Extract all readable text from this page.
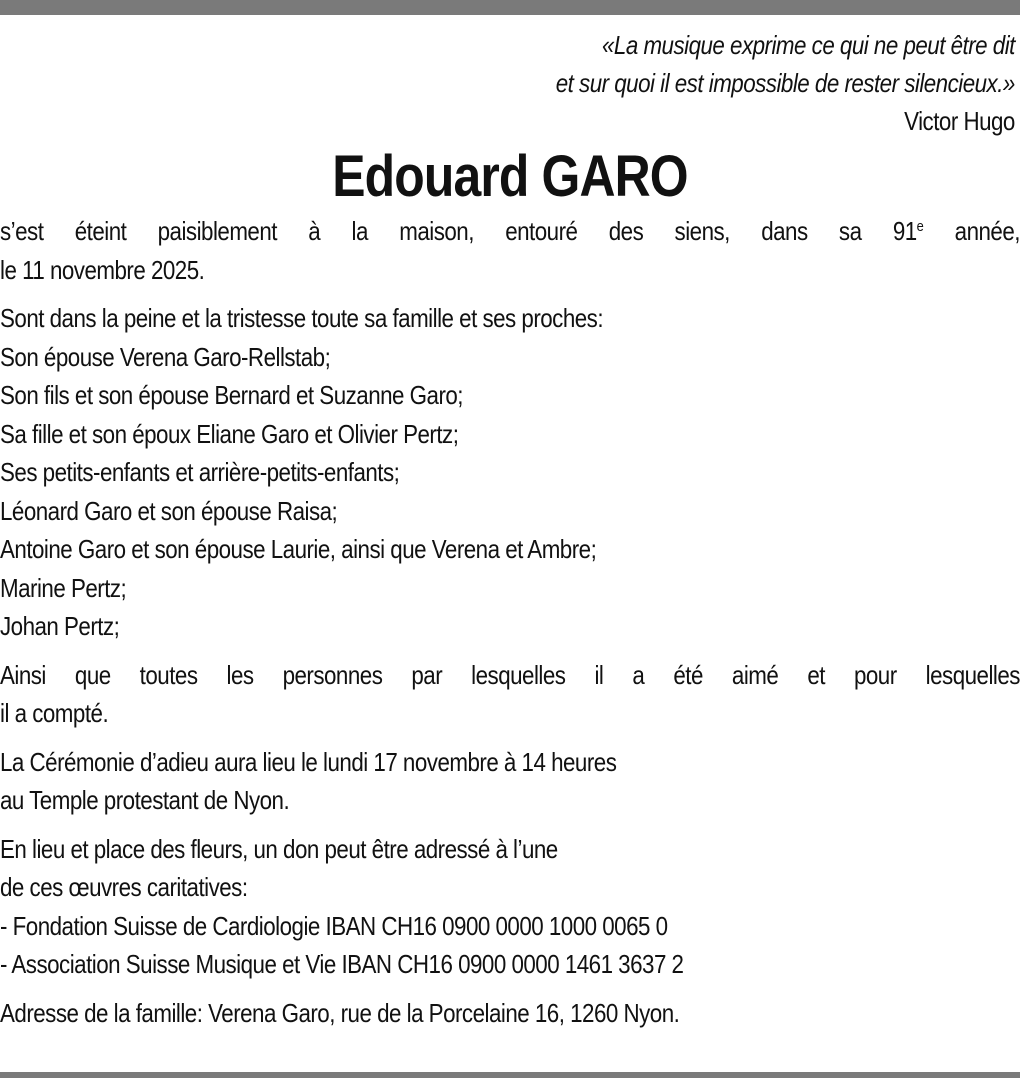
«La musique exprime ce qui ne peut être dit
et sur quoi il est impossible de rester silencieux.»
Victor Hugo
Edouard GARO
s’est éteint paisiblement à la maison, entouré des siens, dans sa 91e année,
le 11 novembre 2025.
Sont dans la peine et la tristesse toute sa famille et ses proches:
Son épouse Verena Garo-Rellstab;
Son fils et son épouse Bernard et Suzanne Garo;
Sa fille et son époux Eliane Garo et Olivier Pertz;
Ses petits-enfants et arrière-petits-enfants;
Léonard Garo et son épouse Raisa;
Antoine Garo et son épouse Laurie, ainsi que Verena et Ambre;
Marine Pertz;
Johan Pertz;
Ainsi que toutes les personnes par lesquelles il a été aimé et pour lesquelles
il a compté.
La Cérémonie d’adieu aura lieu le lundi 17 novembre à 14 heures
au Temple protestant de Nyon.
En lieu et place des fleurs, un don peut être adressé à l’une
de ces œuvres caritatives:
- Fondation Suisse de Cardiologie IBAN CH16 0900 0000 1000 0065 0
- Association Suisse Musique et Vie IBAN CH16 0900 0000 1461 3637 2
Adresse de la famille: Verena Garo, rue de la Porcelaine 16, 1260 Nyon.
